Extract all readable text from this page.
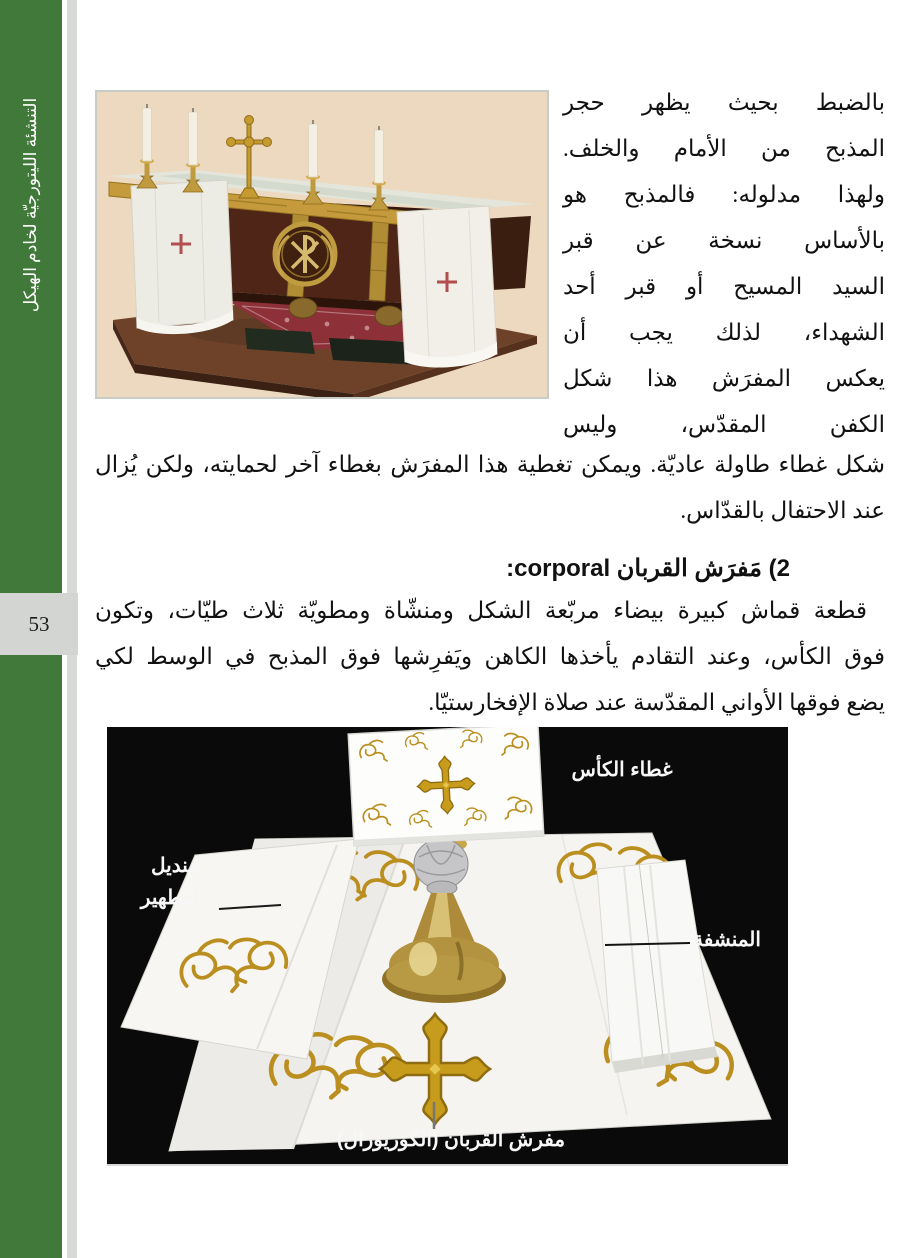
التنشئة الليتورجيّة لخادم الهيكل
53
بالضبط بحيث يظهر حجر
المذبح من الأمام والخلف.
ولهذا مدلوله: فالمذبح هو
بالأساس نسخة عن قبر
السيد المسيح أو قبر أحد
الشهداء، لذلك يجب أن
يعكس المفرَش هذا شكل
الكفن المقدّس، وليس
شكل غطاء طاولة عاديّة. ويمكن تغطية هذا المفرَش بغطاء آخر لحمايته، ولكن يُزال
عند الاحتفال بالقدّاس.
2) مَفرَش القربان corporal:
قطعة قماش كبيرة بيضاء مربّعة الشكل ومنشّاة ومطويّة ثلاث طيّات، وتكون
فوق الكأس، وعند التقادم يأخذها الكاهن ويَفرِشها فوق المذبح في الوسط لكي
يضع فوقها الأواني المقدّسة عند صلاة الإفخارستيّا.
غطاء الكأس
منديل
التطهير
المنشفة
مفرش القربان (الكوريورال)
